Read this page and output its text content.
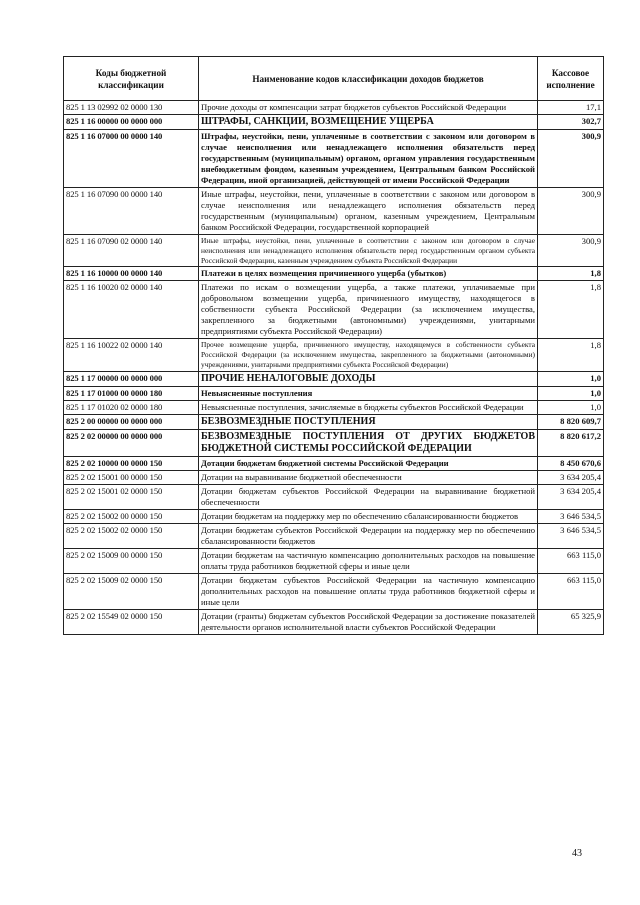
Коды бюджетной классификации	Наименование кодов классификации доходов бюджетов	Кассовое исполнение
825 1 13 02992 02 0000 130	Прочие доходы от компенсации затрат бюджетов субъектов Российской Федерации	17,1
825 1 16 00000 00 0000 000	ШТРАФЫ, САНКЦИИ, ВОЗМЕЩЕНИЕ УЩЕРБА	302,7
825 1 16 07000 00 0000 140	Штрафы, неустойки, пени, уплаченные в соответствии с законом или договором в случае неисполнения или ненадлежащего исполнения обязательств перед государственным (муниципальным) органом, органом управления государственным внебюджетным фондом, казенным учреждением, Центральным банком Российской Федерации, иной организацией, действующей от имени Российской Федерации	300,9
825 1 16 07090 00 0000 140	Иные штрафы, неустойки, пени, уплаченные в соответствии с законом или договором в случае неисполнения или ненадлежащего исполнения обязательств перед государственным (муниципальным) органом, казенным учреждением, Центральным банком Российской Федерации, государственной корпорацией	300,9
825 1 16 07090 02 0000 140	Иные штрафы, неустойки, пени, уплаченные в соответствии с законом или договором в случае неисполнения или ненадлежащего исполнения обязательств перед государственным органом субъекта Российской Федерации, казенным учреждением субъекта Российской Федерации	300,9
825 1 16 10000 00 0000 140	Платежи в целях возмещения причиненного ущерба (убытков)	1,8
825 1 16 10020 02 0000 140	Платежи по искам о возмещении ущерба, а также платежи, уплачиваемые при добровольном возмещении ущерба, причиненного имуществу, находящегося в собственности субъекта Российской Федерации (за исключением имущества, закрепленного за бюджетными (автономными) учреждениями, унитарными предприятиями субъекта Российской Федерации)	1,8
825 1 16 10022 02 0000 140	Прочее возмещение ущерба, причиненного имуществу, находящемуся в собственности субъекта Российской Федерации (за исключением имущества, закрепленного за бюджетными (автономными) учреждениями, унитарными предприятиями субъекта Российской Федерации)	1,8
825 1 17 00000 00 0000 000	ПРОЧИЕ НЕНАЛОГОВЫЕ ДОХОДЫ	1,0
825 1 17 01000 00 0000 180	Невыясненные поступления	1,0
825 1 17 01020 02 0000 180	Невыясненные поступления, зачисляемые в бюджеты субъектов Российской Федерации	1,0
825 2 00 00000 00 0000 000	БЕЗВОЗМЕЗДНЫЕ ПОСТУПЛЕНИЯ	8 820 609,7
825 2 02 00000 00 0000 000	БЕЗВОЗМЕЗДНЫЕ ПОСТУПЛЕНИЯ ОТ ДРУГИХ БЮДЖЕТОВ БЮДЖЕТНОЙ СИСТЕМЫ РОССИЙСКОЙ ФЕДЕРАЦИИ	8 820 617,2
825 2 02 10000 00 0000 150	Дотации бюджетам бюджетной системы Российской Федерации	8 450 670,6
825 2 02 15001 00 0000 150	Дотации на выравнивание бюджетной обеспеченности	3 634 205,4
825 2 02 15001 02 0000 150	Дотации бюджетам субъектов Российской Федерации на выравнивание бюджетной обеспеченности	3 634 205,4
825 2 02 15002 00 0000 150	Дотации бюджетам на поддержку мер по обеспечению сбалансированности бюджетов	3 646 534,5
825 2 02 15002 02 0000 150	Дотации бюджетам субъектов Российской Федерации на поддержку мер по обеспечению сбалансированности бюджетов	3 646 534,5
825 2 02 15009 00 0000 150	Дотации бюджетам на частичную компенсацию дополнительных расходов на повышение оплаты труда работников бюджетной сферы и иные цели	663 115,0
825 2 02 15009 02 0000 150	Дотации бюджетам субъектов Российской Федерации на частичную компенсацию дополнительных расходов на повышение оплаты труда работников бюджетной сферы и иные цели	663 115,0
825 2 02 15549 02 0000 150	Дотации (гранты) бюджетам субъектов Российской Федерации за достижение показателей деятельности органов исполнительной власти субъектов Российской Федерации	65 325,9
43
